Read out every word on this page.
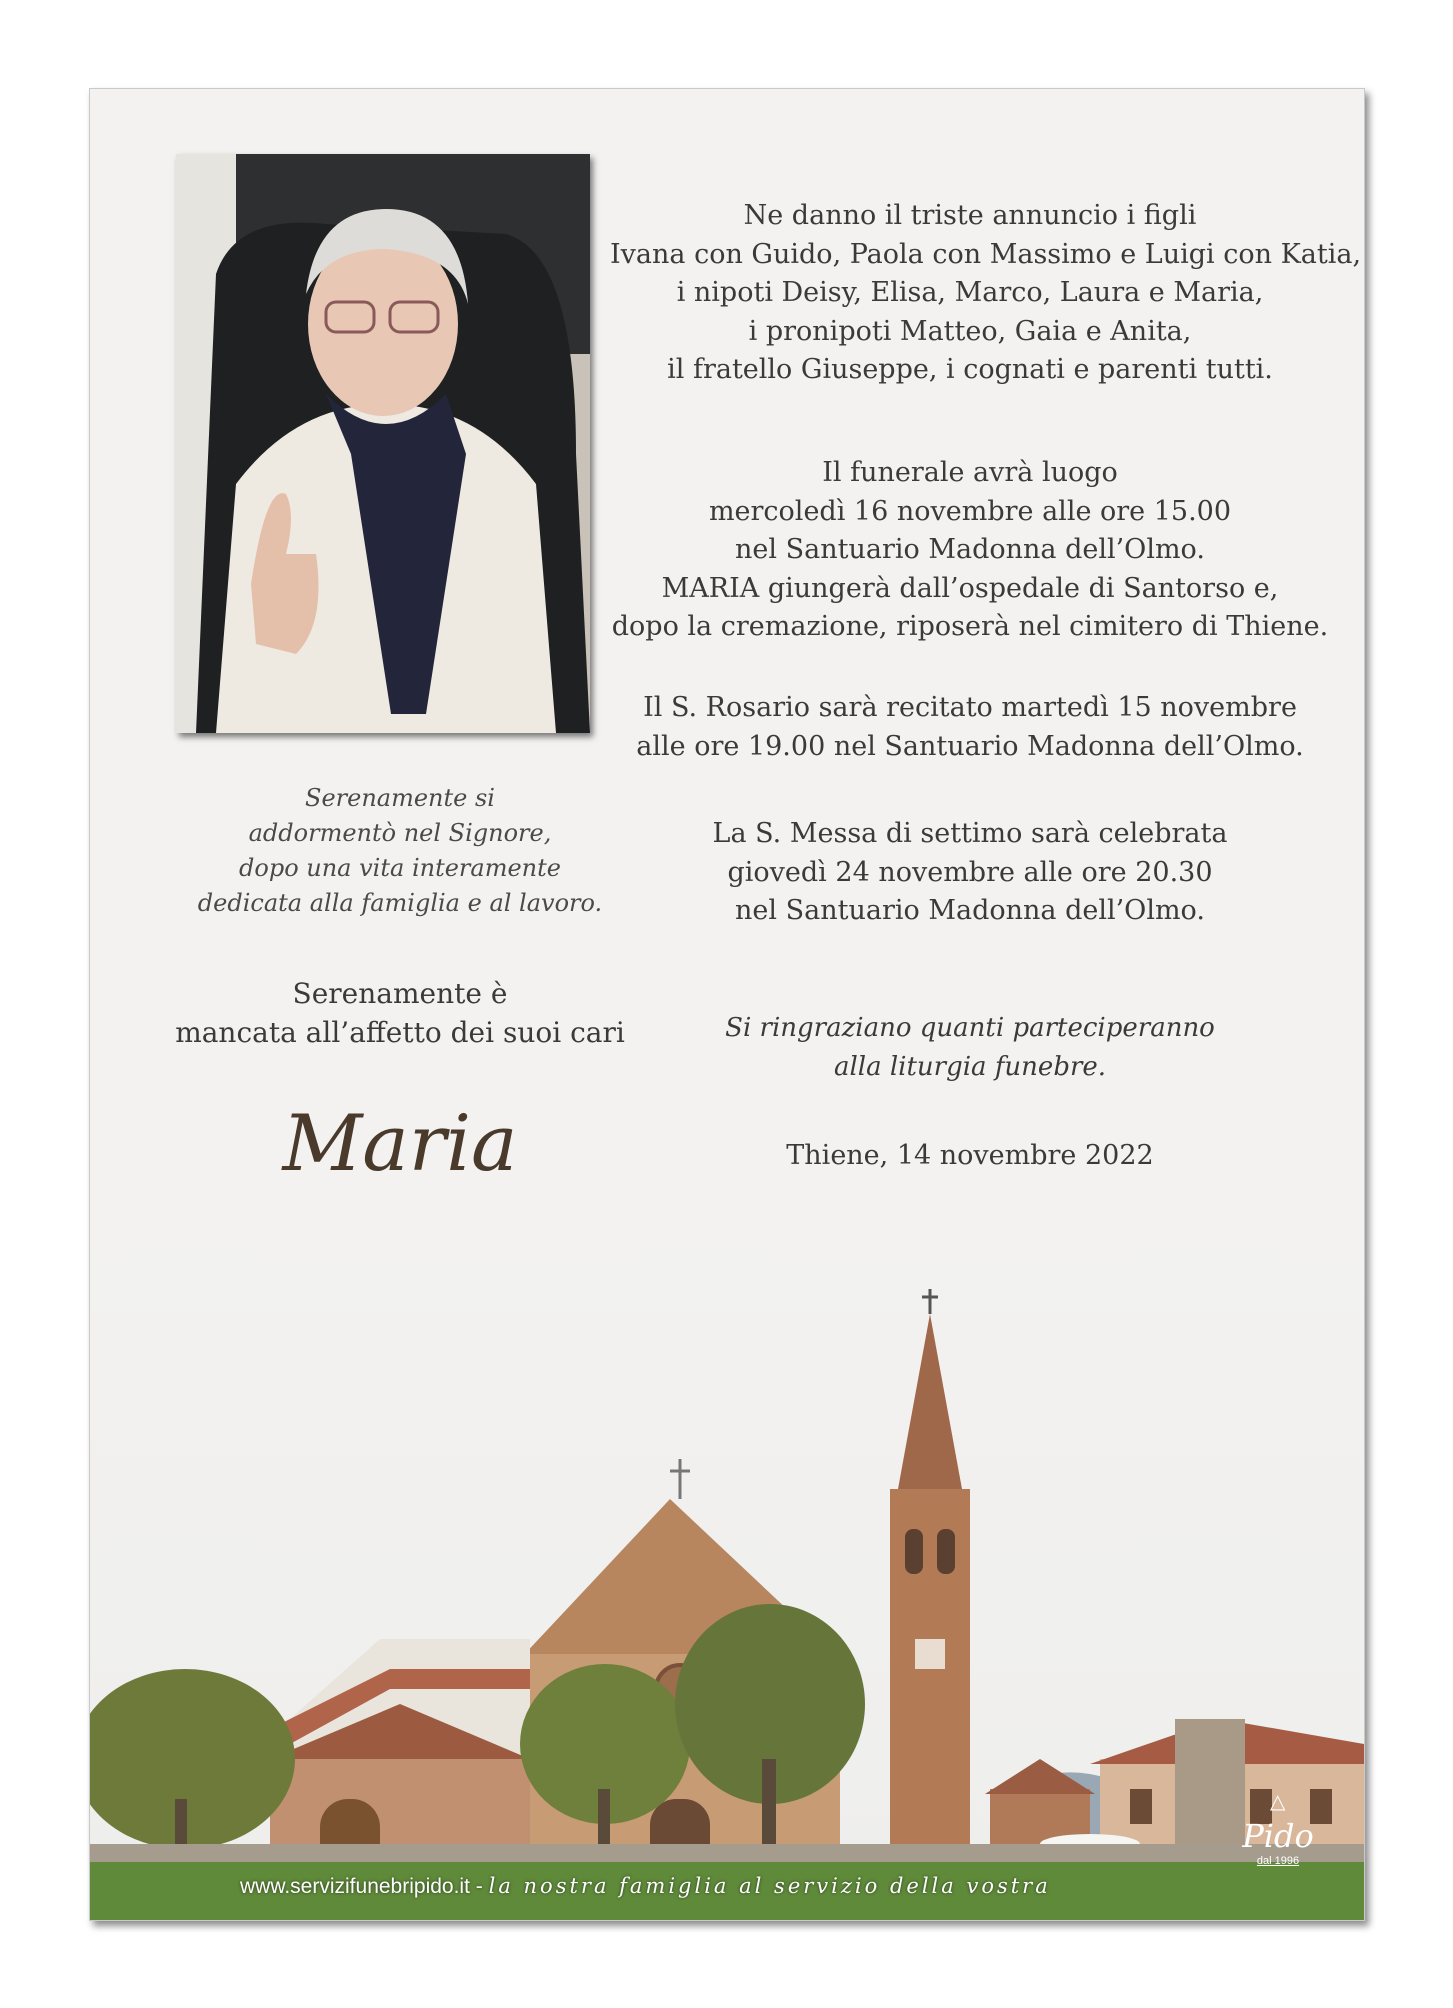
Ne danno il triste annuncio i figli
Ivana con Guido, Paola con Massimo e Luigi con Katia,
i nipoti Deisy, Elisa, Marco, Laura e Maria,
i pronipoti Matteo, Gaia e Anita,
il fratello Giuseppe, i cognati e parenti tutti.
Il funerale avrà luogo
mercoledì 16 novembre alle ore 15.00
nel Santuario Madonna dell’Olmo.
MARIA giungerà dall’ospedale di Santorso e,
dopo la cremazione, riposerà nel cimitero di Thiene.
Il S. Rosario sarà recitato martedì 15 novembre
alle ore 19.00 nel Santuario Madonna dell’Olmo.
La S. Messa di settimo sarà celebrata
giovedì 24 novembre alle ore 20.30
nel Santuario Madonna dell’Olmo.
Si ringraziano quanti parteciperanno
alla liturgia funebre.
Thiene, 14 novembre 2022
Serenamente si
addormentò nel Signore,
dopo una vita interamente
dedicata alla famiglia e al lavoro.
Serenamente è
mancata all’affetto dei suoi cari
Maria
www.servizifunebripido.it - la nostra famiglia al servizio della vostra
△
Pido
dal 1996
